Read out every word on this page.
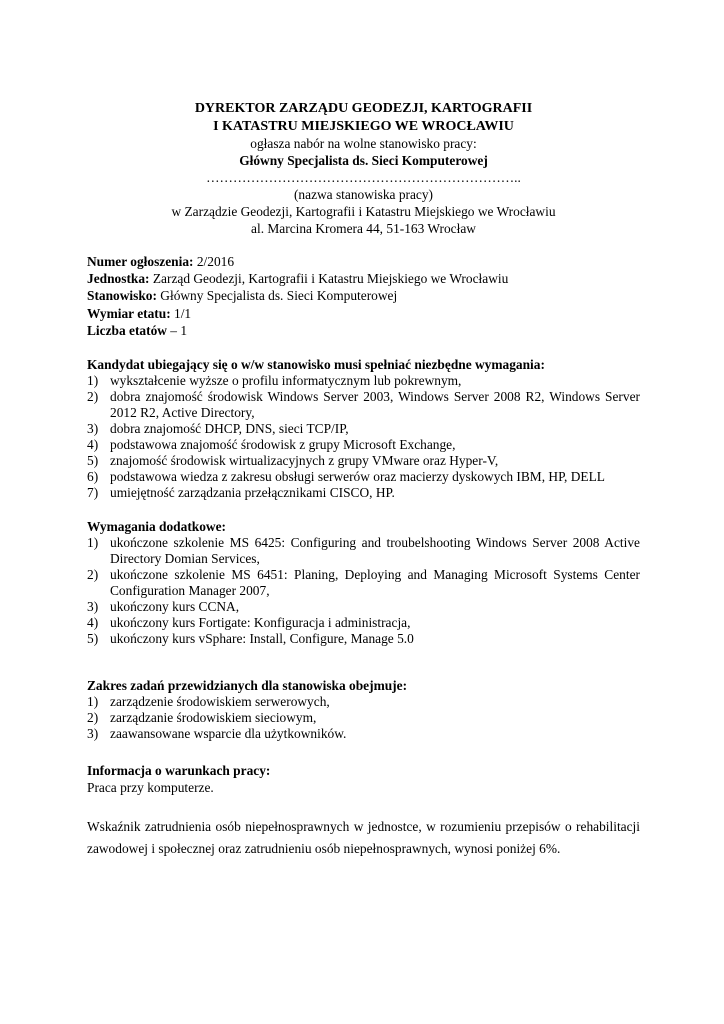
DYREKTOR ZARZĄDU GEODEZJI, KARTOGRAFII
I KATASTRU MIEJSKIEGO WE WROCŁAWIU
ogłasza nabór na wolne stanowisko pracy:
Główny Specjalista ds. Sieci Komputerowej
……………………………………………………………..
(nazwa stanowiska pracy)
w Zarządzie Geodezji, Kartografii i Katastru Miejskiego we Wrocławiu
al. Marcina Kromera 44, 51-163 Wrocław
Numer ogłoszenia: 2/2016
Jednostka: Zarząd Geodezji, Kartografii i Katastru Miejskiego we Wrocławiu
Stanowisko: Główny Specjalista ds. Sieci Komputerowej
Wymiar etatu: 1/1
Liczba etatów – 1
Kandydat ubiegający się o w/w stanowisko musi spełniać niezbędne wymagania:
1) wykształcenie wyższe o profilu informatycznym lub pokrewnym,
2) dobra znajomość środowisk Windows Server 2003, Windows Server 2008 R2, Windows Server 2012 R2, Active Directory,
3) dobra znajomość DHCP, DNS, sieci TCP/IP,
4) podstawowa znajomość środowisk z grupy Microsoft Exchange,
5) znajomość środowisk wirtualizacyjnych z grupy VMware oraz Hyper-V,
6) podstawowa wiedza z zakresu obsługi serwerów oraz macierzy dyskowych IBM, HP, DELL
7) umiejętność zarządzania przełącznikami CISCO, HP.
Wymagania dodatkowe:
1) ukończone szkolenie MS 6425: Configuring and troubelshooting Windows Server 2008 Active Directory Domian Services,
2) ukończone szkolenie MS 6451: Planing, Deploying and Managing Microsoft Systems Center Configuration Manager 2007,
3) ukończony kurs CCNA,
4) ukończony kurs Fortigate: Konfiguracja i administracja,
5) ukończony kurs vSphare: Install, Configure, Manage 5.0
Zakres zadań przewidzianych dla stanowiska obejmuje:
1) zarządzenie środowiskiem serwerowych,
2) zarządzanie środowiskiem sieciowym,
3) zaawansowane wsparcie dla użytkowników.
Informacja o warunkach pracy:
Praca przy komputerze.
Wskaźnik zatrudnienia osób niepełnosprawnych w jednostce, w rozumieniu przepisów o rehabilitacji zawodowej i społecznej oraz zatrudnieniu osób niepełnosprawnych, wynosi poniżej 6%.
